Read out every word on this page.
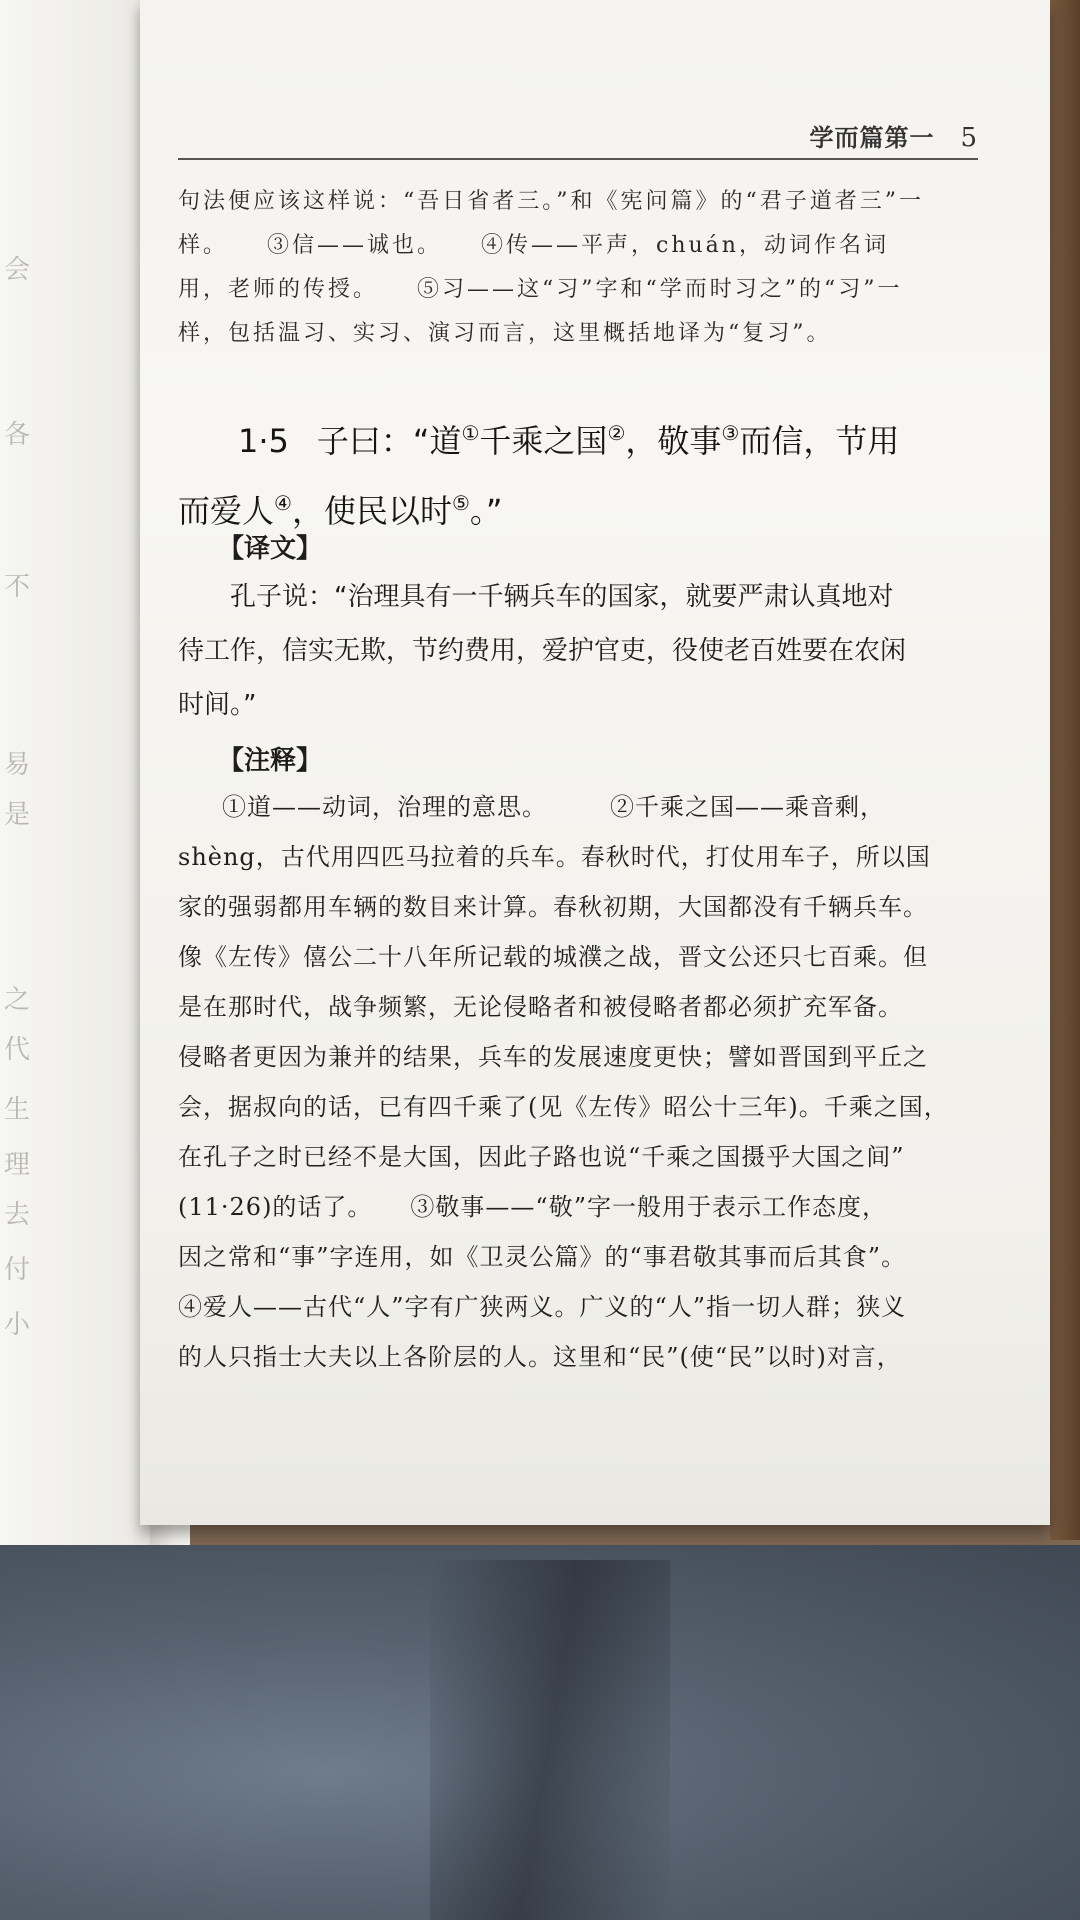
会
各
不
易
是
之
代
生
理
去
付
小
学而篇第一 5

句法便应该这样说：“吾日省者三。”和《宪问篇》的“君子道者三”一

样。　　③信——诚也。　　④传——平声，chuán，动词作名词

用，老师的传授。　　⑤习——这“习”字和“学而时习之”的“习”一

样，包括温习、实习、演习而言，这里概括地译为“复习”。

1·5 子曰：“道①千乘之国②，敬事③而信，节用

而爱人④，使民以时⑤。”

【译文】

孔子说：“治理具有一千辆兵车的国家，就要严肃认真地对

待工作，信实无欺，节约费用，爱护官吏，役使老百姓要在农闲

时间。”

【注释】

①道——动词，治理的意思。　　　②千乘之国——乘音剩，

shèng，古代用四匹马拉着的兵车。春秋时代，打仗用车子，所以国

家的强弱都用车辆的数目来计算。春秋初期，大国都没有千辆兵车。

像《左传》僖公二十八年所记载的城濮之战，晋文公还只七百乘。但

是在那时代，战争频繁，无论侵略者和被侵略者都必须扩充军备。

侵略者更因为兼并的结果，兵车的发展速度更快；譬如晋国到平丘之

会，据叔向的话，已有四千乘了(见《左传》昭公十三年)。千乘之国，

在孔子之时已经不是大国，因此子路也说“千乘之国摄乎大国之间”

(11·26)的话了。　　③敬事——“敬”字一般用于表示工作态度，

因之常和“事”字连用，如《卫灵公篇》的“事君敬其事而后其食”。

④爱人——古代“人”字有广狭两义。广义的“人”指一切人群；狭义

的人只指士大夫以上各阶层的人。这里和“民”(使“民”以时)对言，
